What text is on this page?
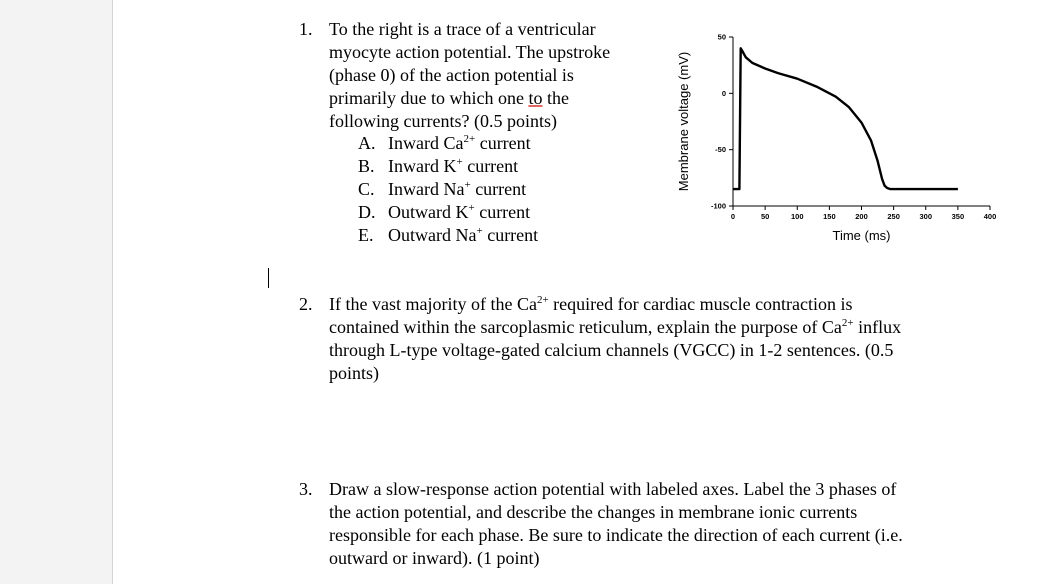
1. To the right is a trace of a ventricular
myocyte action potential. The upstroke
(phase 0) of the action potential is
primarily due to which one to the
following currents? (0.5 points)
A. Inward $Ca^{2+}$ current
B. Inward K+ current
C. Inward Na+ current
D. Outward K+ current
E. Outward Na+ current
50
0
-50
-100
0	50	100	150	200	250	300	350	400
Time (ms)
Membrane voltage (mV)
2. If the vast majority of the $Ca^{2+}$ required for cardiac muscle contraction is
contained within the sarcoplasmic reticulum, explain the purpose of $Ca^{2+}$ influx
through L-type voltage-gated calcium channels (VGCC) in 1-2 sentences. (0.5
points)
3. Draw a slow-response action potential with labeled axes. Label the 3 phases of
the action potential, and describe the changes in membrane ionic currents
responsible for each phase. Be sure to indicate the direction of each current (i.e.
outward or inward). (1 point)
